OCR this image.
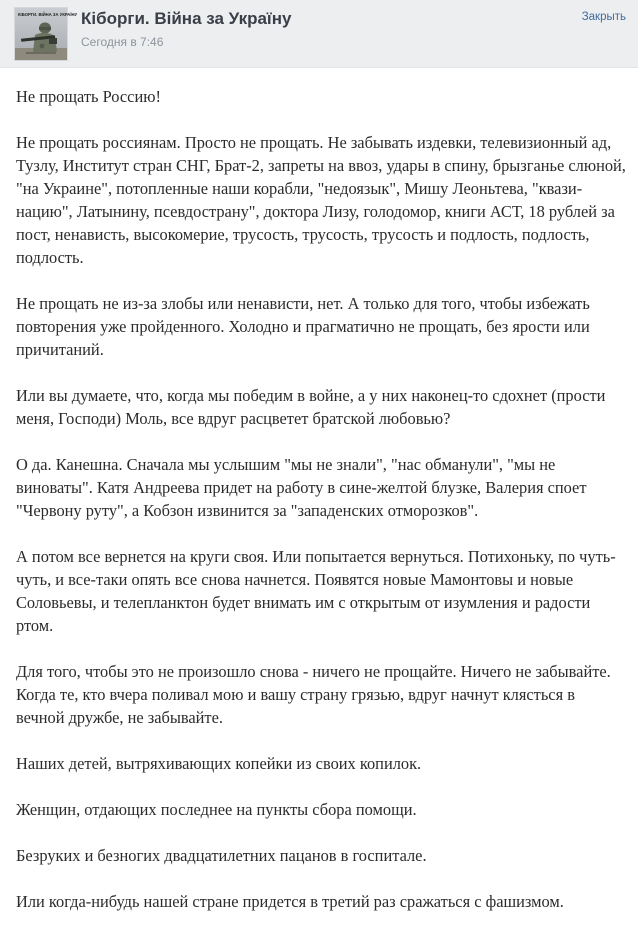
КІБОРГИ. ВІЙНА ЗА УКРАЇНУ Кіборги. Війна за Україну
Сегодня в 7:46
Закрыть

Не прощать Россию!

Не прощать россиянам. Просто не прощать. Не забывать издевки, телевизионный ад, Тузлу, Институт стран СНГ, Брат-2, запреты на ввоз, удары в спину, брызганье слюной, "на Украине", потопленные наши корабли, "недоязык", Мишу Леоньтева, "квази-нацию", Латынину, псевдострану", доктора Лизу, голодомор, книги АСТ, 18 рублей за пост, ненависть, высокомерие, трусость, трусость, трусость и подлость, подлость, подлость.

Не прощать не из-за злобы или ненависти, нет. А только для того, чтобы избежать повторения уже пройденного. Холодно и прагматично не прощать, без ярости или причитаний.

Или вы думаете, что, когда мы победим в войне, а у них наконец-то сдохнет (прости меня, Господи) Моль, все вдруг расцветет братской любовью?

О да. Канешна. Сначала мы услышим "мы не знали", "нас обманули", "мы не виноваты". Катя Андреева придет на работу в сине-желтой блузке, Валерия споет "Червону руту", а Кобзон извинится за "западенских отморозков".

А потом все вернется на круги своя. Или попытается вернуться. Потихоньку, по чуть-чуть, и все-таки опять все снова начнется. Появятся новые Мамонтовы и новые Соловьевы, и телепланктон будет внимать им с открытым от изумления и радости ртом.

Для того, чтобы это не произошло снова - ничего не прощайте. Ничего не забывайте. Когда те, кто вчера поливал мою и вашу страну грязью, вдруг начнут клясться в вечной дружбе, не забывайте.

Наших детей, вытряхивающих копейки из своих копилок.

Женщин, отдающих последнее на пункты сбора помощи.

Безруких и безногих двадцатилетних пацанов в госпитале.

Или когда-нибудь нашей стране придется в третий раз сражаться с фашизмом.
